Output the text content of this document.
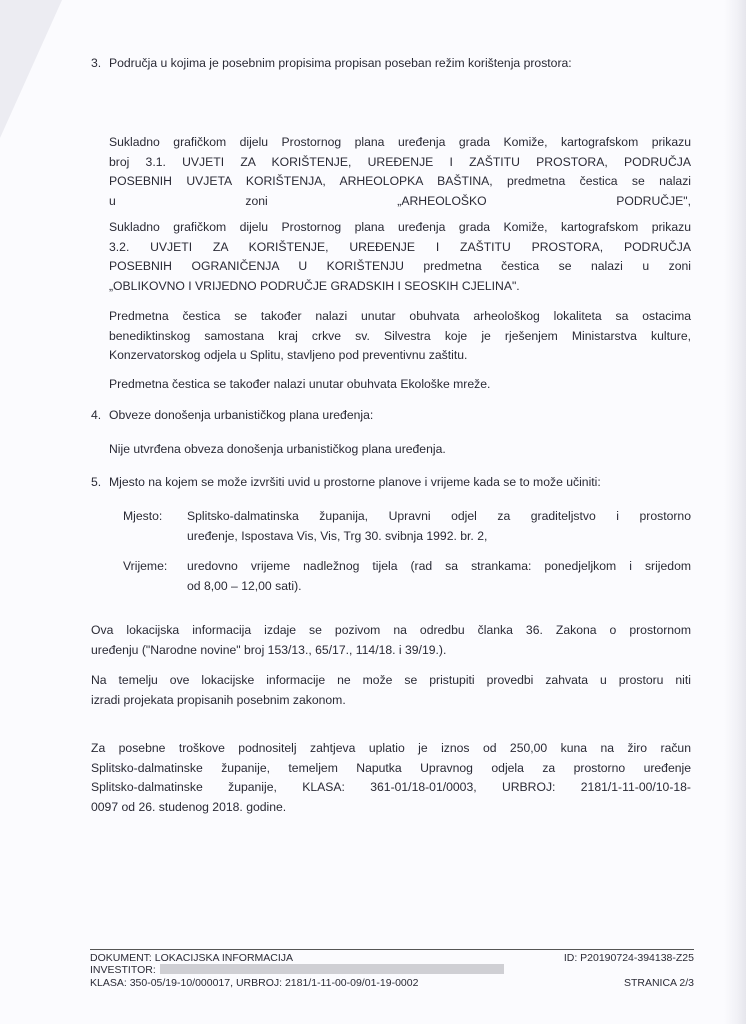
3. Područja u kojima je posebnim propisima propisan poseban režim korištenja prostora:
Sukladno grafičkom dijelu Prostornog plana uređenja grada Komiže, kartografskom prikazu
broj 3.1. UVJETI ZA KORIŠTENJE, UREĐENJE I ZAŠTITU PROSTORA, PODRUČJA
POSEBNIH UVJETA KORIŠTENJA, ARHEOLOPKA BAŠTINA, predmetna čestica se nalazi
u zoni „ARHEOLOŠKO PODRUČJE",
Sukladno grafičkom dijelu Prostornog plana uređenja grada Komiže, kartografskom prikazu
3.2. UVJETI ZA KORIŠTENJE, UREĐENJE I ZAŠTITU PROSTORA, PODRUČJA
POSEBNIH OGRANIČENJA U KORIŠTENJU predmetna čestica se nalazi u zoni
„OBLIKOVNO I VRIJEDNO PODRUČJE GRADSKIH I SEOSKIH CJELINA".
Predmetna čestica se također nalazi unutar obuhvata arheološkog lokaliteta sa ostacima
benediktinskog samostana kraj crkve sv. Silvestra koje je rješenjem Ministarstva kulture,
Konzervatorskog odjela u Splitu, stavljeno pod preventivnu zaštitu.
Predmetna čestica se također nalazi unutar obuhvata Ekološke mreže.
4. Obveze donošenja urbanističkog plana uređenja:
Nije utvrđena obveza donošenja urbanističkog plana uređenja.
5. Mjesto na kojem se može izvršiti uvid u prostorne planove i vrijeme kada se to može učiniti:
Mjesto: Splitsko-dalmatinska županija, Upravni odjel za graditeljstvo i prostorno
uređenje, Ispostava Vis, Vis, Trg 30. svibnja 1992. br. 2,
Vrijeme: uredovno vrijeme nadležnog tijela (rad sa strankama: ponedjeljkom i srijedom
od 8,00 – 12,00 sati).
Ova lokacijska informacija izdaje se pozivom na odredbu članka 36. Zakona o prostornom
uređenju ("Narodne novine" broj 153/13., 65/17., 114/18. i 39/19.).
Na temelju ove lokacijske informacije ne može se pristupiti provedbi zahvata u prostoru niti
izradi projekata propisanih posebnim zakonom.
Za posebne troškove podnositelj zahtjeva uplatio je iznos od 250,00 kuna na žiro račun
Splitsko-dalmatinske županije, temeljem Naputka Upravnog odjela za prostorno uređenje
Splitsko-dalmatinske županije, KLASA: 361-01/18-01/0003, URBROJ: 2181/1-11-00/10-18-
0097 od 26. studenog 2018. godine.
DOKUMENT: LOKACIJSKA INFORMACIJA	ID: P20190724-394138-Z25
INVESTITOR:
KLASA: 350-05/19-10/000017, URBROJ: 2181/1-11-00-09/01-19-0002	STRANICA 2/3
